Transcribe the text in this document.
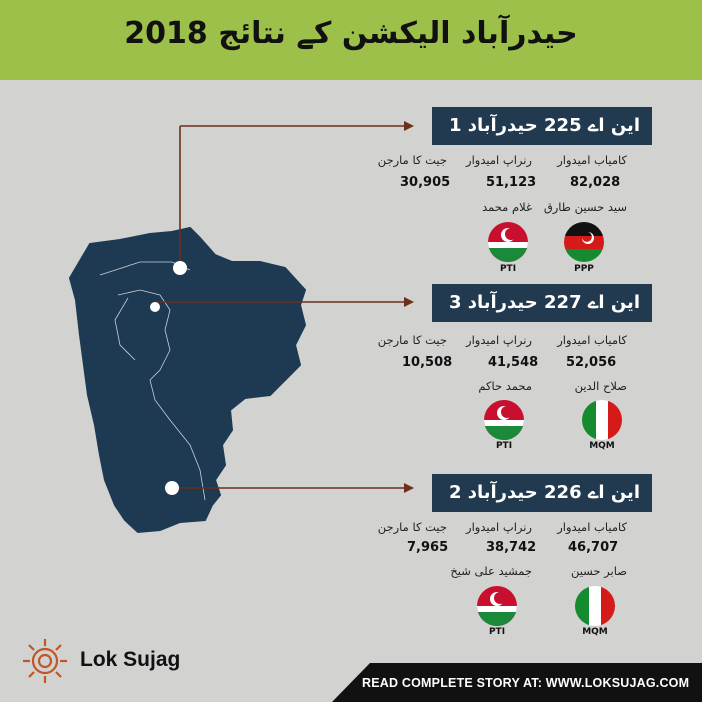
حیدرآباد الیکشن کے نتائج 2018
این اے 225 حیدرآباد 1
کامیاب امیدوار
رنراپ امیدوار
جیت کا مارجن
82,028
51,123
30,905
سید حسین طارق
غلام محمد
PPP
PTI
این اے 227 حیدرآباد 3
کامیاب امیدوار
رنراپ امیدوار
جیت کا مارجن
52,056
41,548
10,508
صلاح الدین
محمد حاکم
MQM
PTI
این اے 226 حیدرآباد 2
کامیاب امیدوار
رنراپ امیدوار
جیت کا مارجن
46,707
38,742
7,965
صابر حسین
جمشید علی شیخ
MQM
PTI
Lok Sujag
READ COMPLETE STORY AT: WWW.LOKSUJAG.COM
